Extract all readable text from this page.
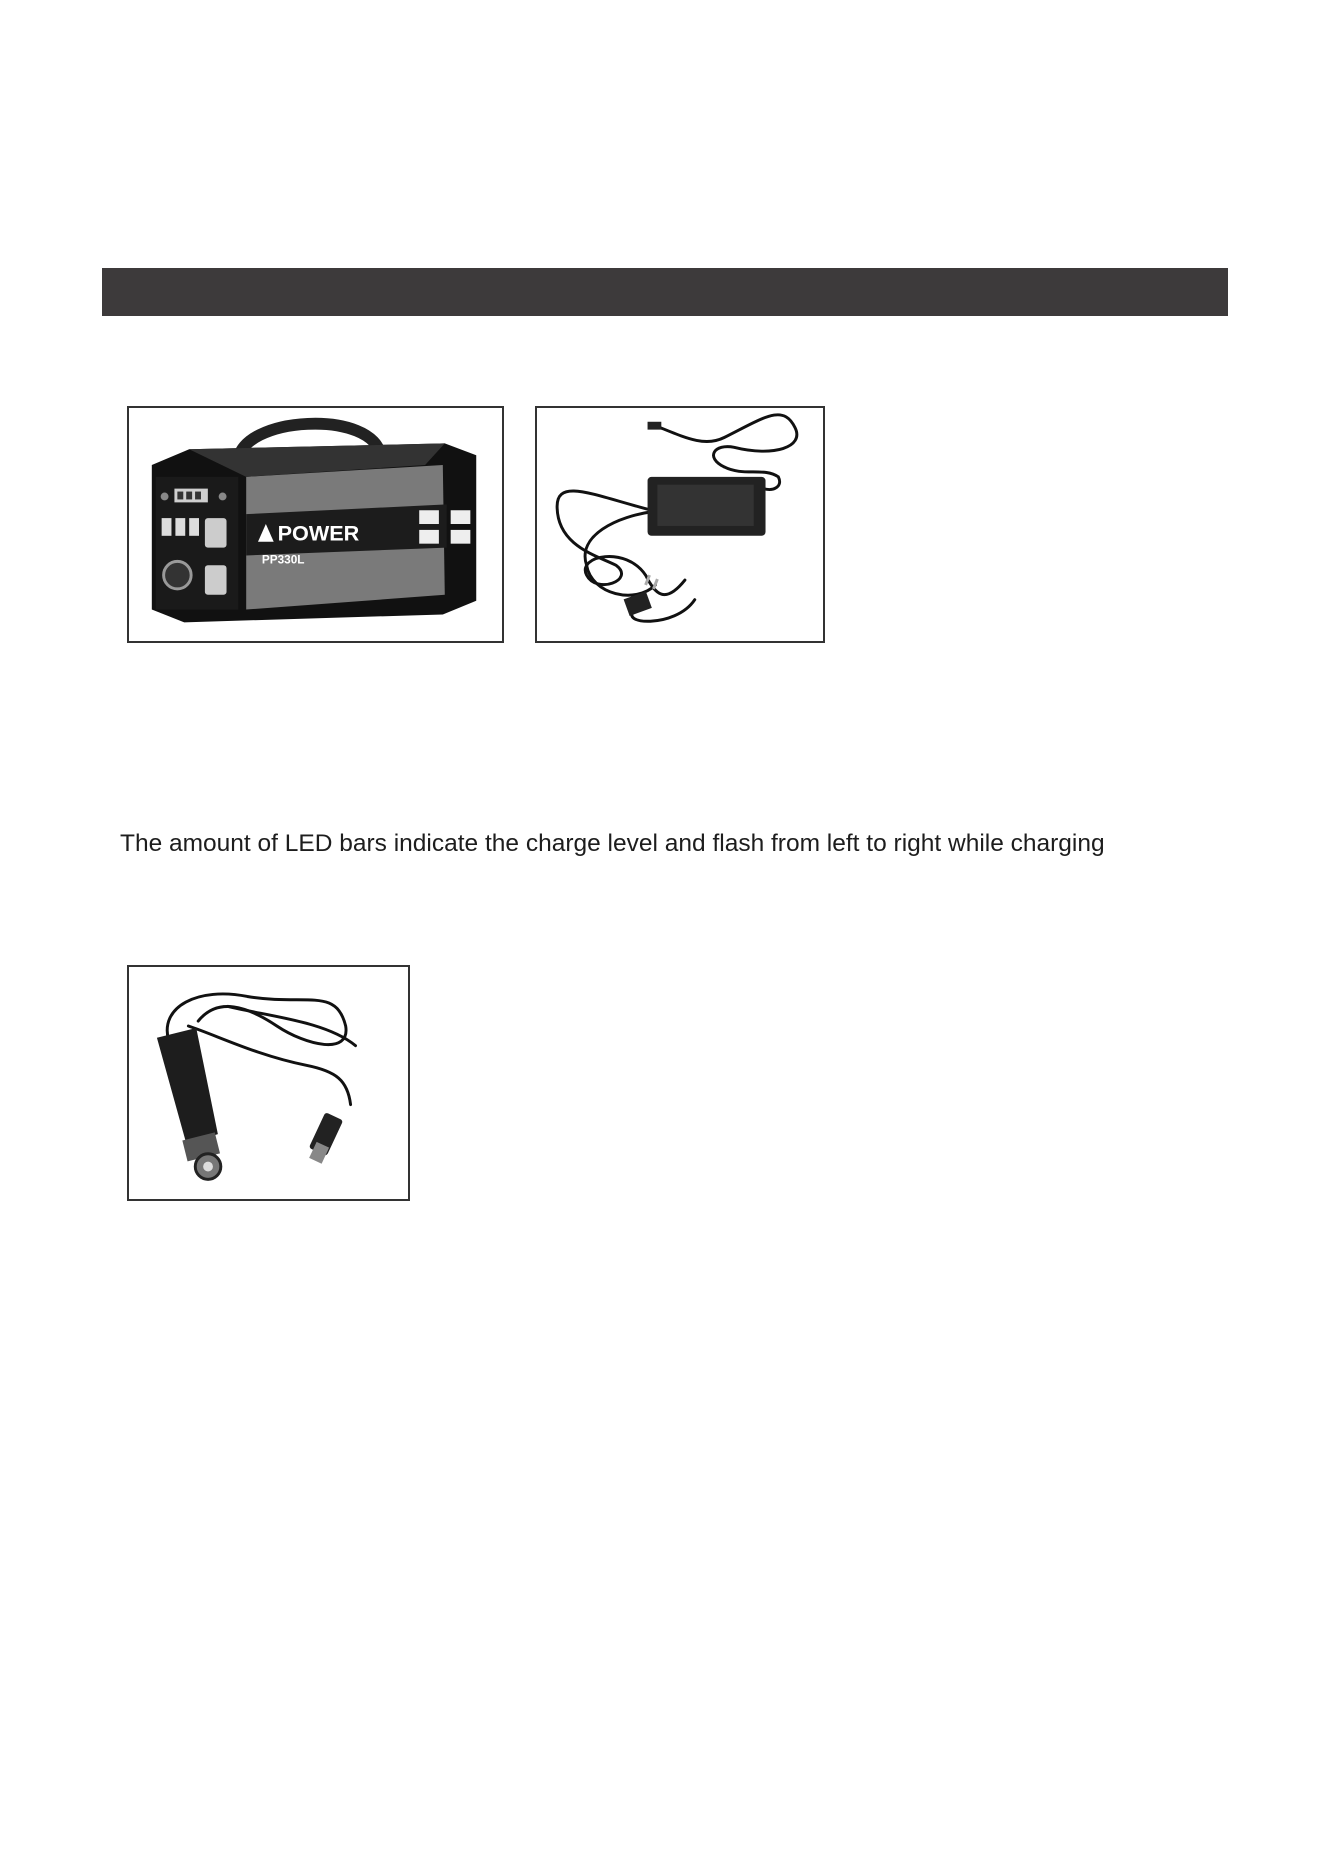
POWER
PP330L

The amount of LED bars indicate the charge level and flash from left to right while charging
